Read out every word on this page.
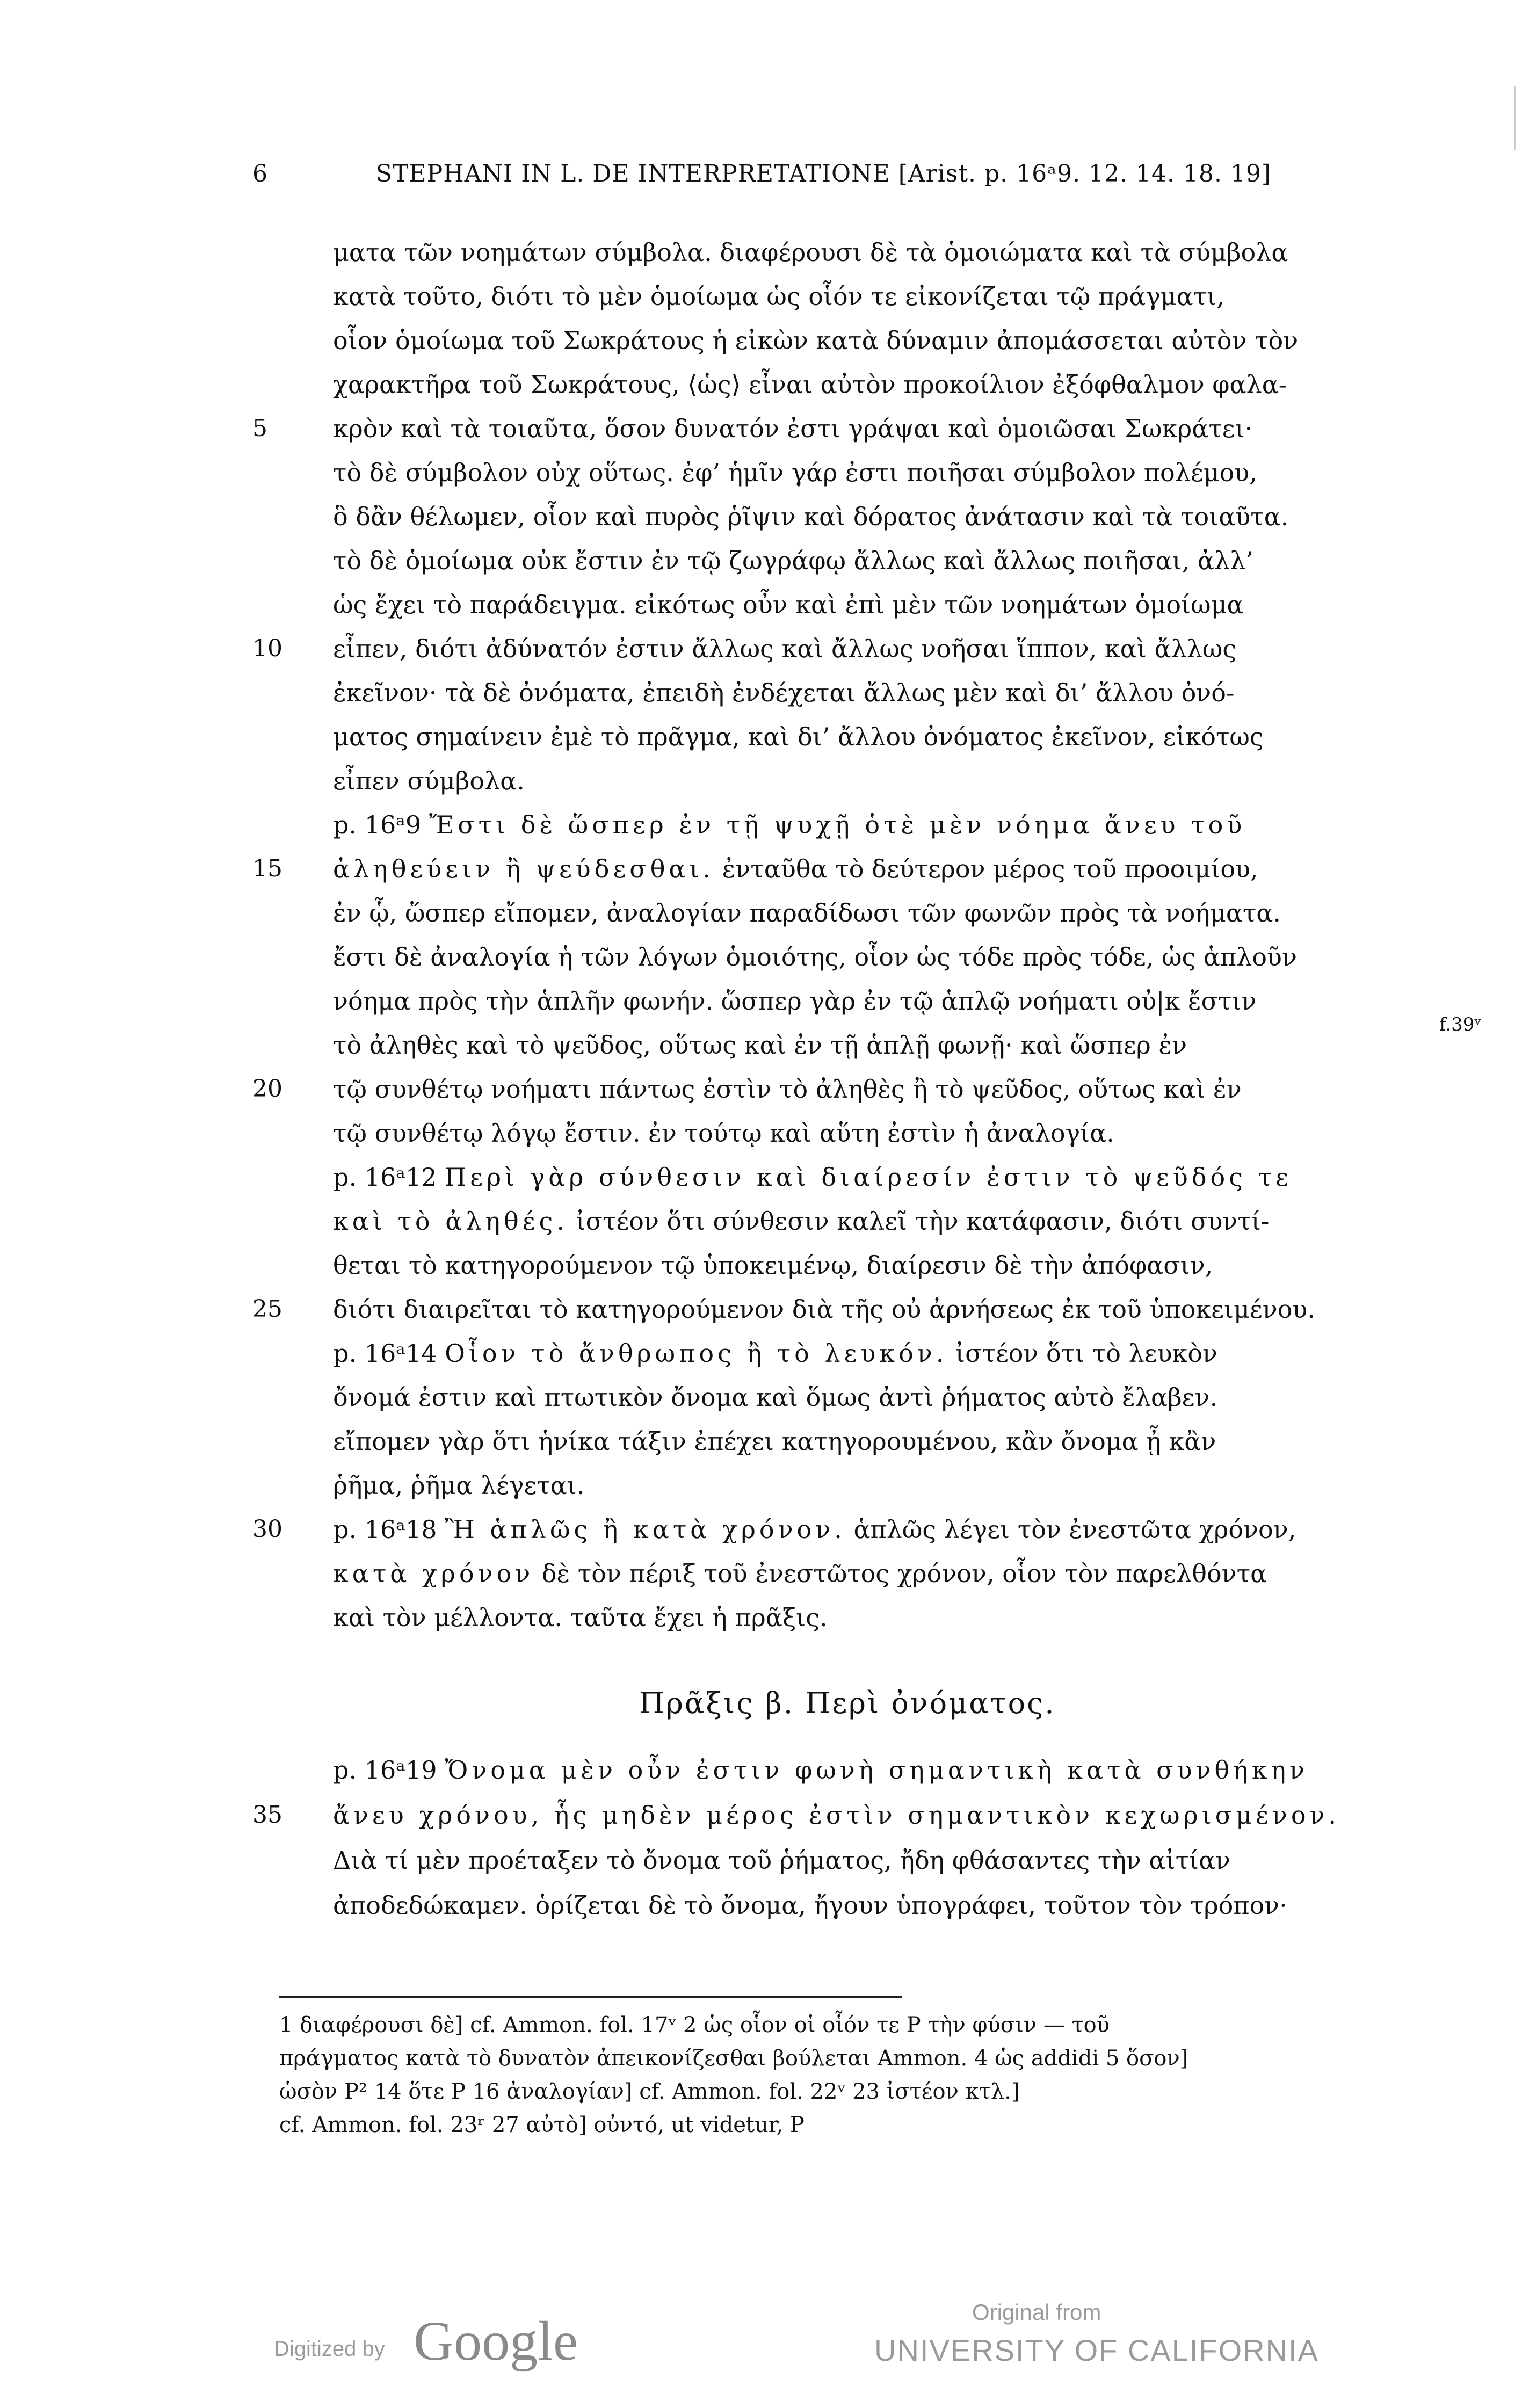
6	STEPHANI IN L. DE INTERPRETATIONE [Arist. p. 16ᵃ9. 12. 14. 18. 19]
ματα τῶν νοημάτων σύμβολα. διαφέρουσι δὲ τὰ ὁμοιώματα καὶ τὰ σύμβολα
κατὰ τοῦτο, διότι τὸ μὲν ὁμοίωμα ὡς οἷόν τε εἰκονίζεται τῷ πράγματι,
οἷον ὁμοίωμα τοῦ Σωκράτους ἡ εἰκὼν κατὰ δύναμιν ἀπομάσσεται αὐτὸν τὸν
χαρακτῆρα τοῦ Σωκράτους, ⟨ὡς⟩ εἶναι αὐτὸν προκοίλιον ἐξόφθαλμον φαλα-
5	κρὸν καὶ τὰ τοιαῦτα, ὅσον δυνατόν ἐστι γράψαι καὶ ὁμοιῶσαι Σωκράτει·
τὸ δὲ σύμβολον οὐχ οὕτως. ἐφ’ ἡμῖν γάρ ἐστι ποιῆσαι σύμβολον πολέμου,
ὃ δἂν θέλωμεν, οἷον καὶ πυρὸς ῥῖψιν καὶ δόρατος ἀνάτασιν καὶ τὰ τοιαῦτα.
τὸ δὲ ὁμοίωμα οὐκ ἔστιν ἐν τῷ ζωγράφῳ ἄλλως καὶ ἄλλως ποιῆσαι, ἀλλ’
ὡς ἔχει τὸ παράδειγμα. εἰκότως οὖν καὶ ἐπὶ μὲν τῶν νοημάτων ὁμοίωμα
10 εἶπεν, διότι ἀδύνατόν ἐστιν ἄλλως καὶ ἄλλως νοῆσαι ἵππον, καὶ ἄλλως
ἐκεῖνον· τὰ δὲ ὀνόματα, ἐπειδὴ ἐνδέχεται ἄλλως μὲν καὶ δι’ ἄλλου ὀνό-
ματος σημαίνειν ἐμὲ τὸ πρᾶγμα, καὶ δι’ ἄλλου ὀνόματος ἐκεῖνον, εἰκότως
εἶπεν σύμβολα.
p. 16ᵃ9 Ἔστι δὲ ὥσπερ ἐν τῇ ψυχῇ ὁτὲ μὲν νόημα ἄνευ τοῦ
15 ἀληθεύειν ἢ ψεύδεσθαι. ἐνταῦθα τὸ δεύτερον μέρος τοῦ προοιμίου,
ἐν ᾧ, ὥσπερ εἴπομεν, ἀναλογίαν παραδίδωσι τῶν φωνῶν πρὸς τὰ νοήματα.
ἔστι δὲ ἀναλογία ἡ τῶν λόγων ὁμοιότης, οἷον ὡς τόδε πρὸς τόδε, ὡς ἁπλοῦν
νόημα πρὸς τὴν ἁπλῆν φωνήν. ὥσπερ γὰρ ἐν τῷ ἁπλῷ νοήματι οὐ|κ ἔστιν
τὸ ἀληθὲς καὶ τὸ ψεῦδος, οὕτως καὶ ἐν τῇ ἁπλῇ φωνῇ· καὶ ὥσπερ ἐν
20 τῷ συνθέτῳ νοήματι πάντως ἐστὶν τὸ ἀληθὲς ἢ τὸ ψεῦδος, οὕτως καὶ ἐν
τῷ συνθέτῳ λόγῳ ἔστιν. ἐν τούτῳ καὶ αὕτη ἐστὶν ἡ ἀναλογία.
p. 16ᵃ12 Περὶ γὰρ σύνθεσιν καὶ διαίρεσίν ἐστιν τὸ ψεῦδός τε
καὶ τὸ ἀληθές. ἰστέον ὅτι σύνθεσιν καλεῖ τὴν κατάφασιν, διότι συντί-
θεται τὸ κατηγορούμενον τῷ ὑποκειμένῳ, διαίρεσιν δὲ τὴν ἀπόφασιν,
25 διότι διαιρεῖται τὸ κατηγορούμενον διὰ τῆς οὐ ἀρνήσεως ἐκ τοῦ ὑποκειμένου.
p. 16ᵃ14 Οἷον τὸ ἄνθρωπος ἢ τὸ λευκόν. ἰστέον ὅτι τὸ λευκὸν
ὄνομά ἐστιν καὶ πτωτικὸν ὄνομα καὶ ὅμως ἀντὶ ῥήματος αὐτὸ ἔλαβεν.
εἴπομεν γὰρ ὅτι ἡνίκα τάξιν ἐπέχει κατηγορουμένου, κἂν ὄνομα ᾖ κἂν
ῥῆμα, ῥῆμα λέγεται.
30 p. 16ᵃ18 Ἢ ἁπλῶς ἢ κατὰ χρόνον. ἁπλῶς λέγει τὸν ἐνεστῶτα χρόνον,
κατὰ χρόνον δὲ τὸν πέριξ τοῦ ἐνεστῶτος χρόνον, οἷον τὸν παρελθόντα
καὶ τὸν μέλλοντα. ταῦτα ἔχει ἡ πρᾶξις.
f.39ᵛ
Πρᾶξις β. Περὶ ὀνόματος.
p. 16ᵃ19 Ὄνομα μὲν οὖν ἐστιν φωνὴ σημαντικὴ κατὰ συνθήκην
35 ἄνευ χρόνου, ἧς μηδὲν μέρος ἐστὶν σημαντικὸν κεχωρισμένον.
Διὰ τί μὲν προέταξεν τὸ ὄνομα τοῦ ῥήματος, ἤδη φθάσαντες τὴν αἰτίαν
ἀποδεδώκαμεν. ὁρίζεται δὲ τὸ ὄνομα, ἤγουν ὑπογράφει, τοῦτον τὸν τρόπον·
1 διαφέρουσι δὲ] cf. Ammon. fol. 17ᵛ 2 ὡς οἷον οἱ οἷόν τε P τὴν φύσιν — τοῦ
πράγματος κατὰ τὸ δυνατὸν ἀπεικονίζεσθαι βούλεται Ammon. 4 ὡς addidi 5 ὅσον]
ὡσὸν P² 14 ὅτε P 16 ἀναλογίαν] cf. Ammon. fol. 22ᵛ 23 ἰστέον κτλ.]
cf. Ammon. fol. 23ʳ 27 αὐτὸ] οὐντό, ut videtur, P
Digitized by Google	Original from
UNIVERSITY OF CALIFORNIA
